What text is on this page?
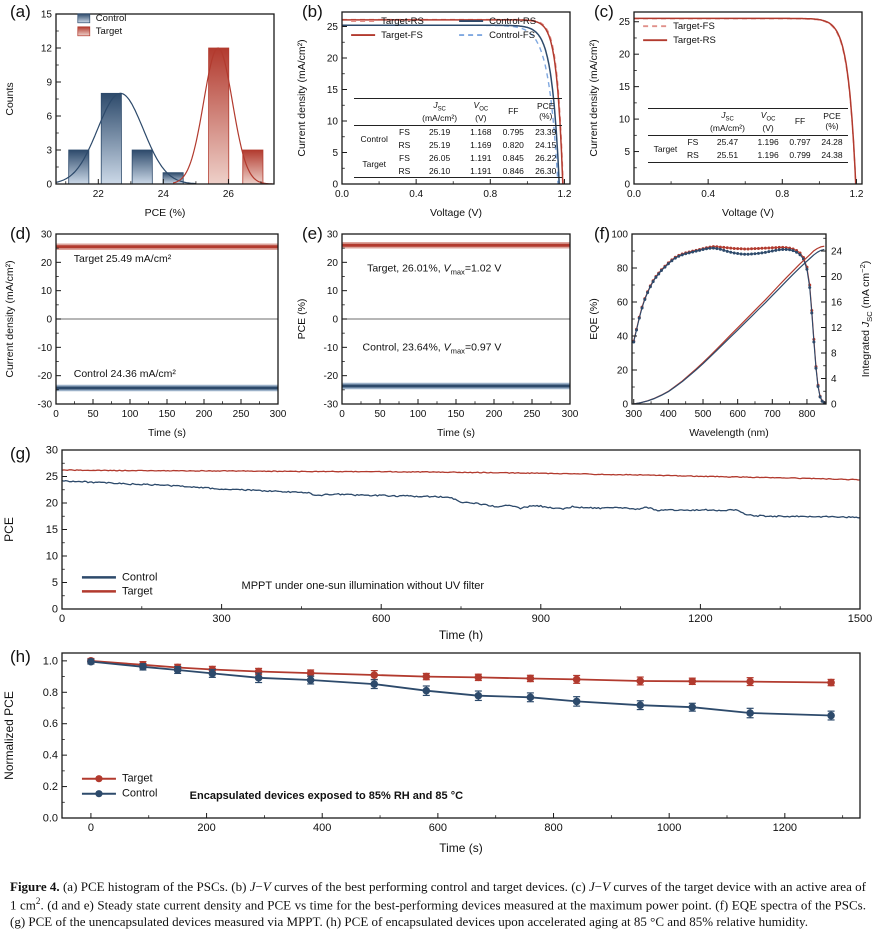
(a)
22	24	26
0
3
6
9
12
15
PCE (%)
Counts
Control
Target
(b)
0.0	0.4	0.8	1.2
0
5
10
15
20
25
Voltage (V)
Current density (mA/cm²)
Target-RS
Target-FS
Control-RS
Control-FS

$J_{SC}$
(mA/cm²)

$V_{OC}$
(V)

FF	PCE
(%)

Control	FS	25.19	1.168	0.795	23.39
	RS	25.19	1.169	0.820	24.15
Target	FS	26.05	1.191	0.845	26.22
	RS	26.10	1.191	0.846	26.30
(c)
0.0	0.4	0.8	1.2
0
5
10
15
20
25
Voltage (V)
Current density (mA/cm²)
Target-FS
Target-RS

$J_{SC}$
(mA/cm²)

$V_{OC}$
(V)

FF	PCE
(%)

Target	FS	25.47	1.196	0.797	24.28
	RS	25.51	1.196	0.799	24.38
(d)
0	50 100 150 200 250 300
-30
-20
-10
0
10
20
30
Time (s)
Current density (mA/cm²)
Target 25.49 mA/cm²
Control 24.36 mA/cm²
(e)
0	50 100 150 200 250 300
-30
-20
-10
0
10
20
30
Time (s)
PCE (%)
Target, 26.01%, $V_{max}=1.02$ V
Control, 23.64%, $V_{max}=0.97$ V
(f)
300 400 500 600 700 800
0
20
40
60
80
100
0
4
8
12
16
20
24
Wavelength (nm)
EQE (%)
Integrated $J_{SC}$ (mA $cm^{-2}$)
(g)
0	300	600	900	1200	1500
0
5
10
15
20
25
30
Time (h)
PCE
Control
Target	MPPT under one-sun illumination without UV filter
(h)
0	200	400	600	800	1000	1200
0.0
0.2
0.4
0.6
0.8
1.0
Time (s)
Normalized PCE	Target
Control	Encapsulated devices exposed to 85% RH and 85 °C

Figure 4. (a) PCE histogram of the PSCs. (b) J−V curves of the best performing control and target devices. (c) J−V curves of the target device with an active area of 1 $cm^2$. (d and e) Steady state current density and PCE vs time for the best-performing devices measured at the maximum power point. (f) EQE spectra of the PSCs. (g) PCE of the unencapsulated devices measured via MPPT. (h) PCE of encapsulated devices upon accelerated aging at 85 °C and 85% relative humidity.
